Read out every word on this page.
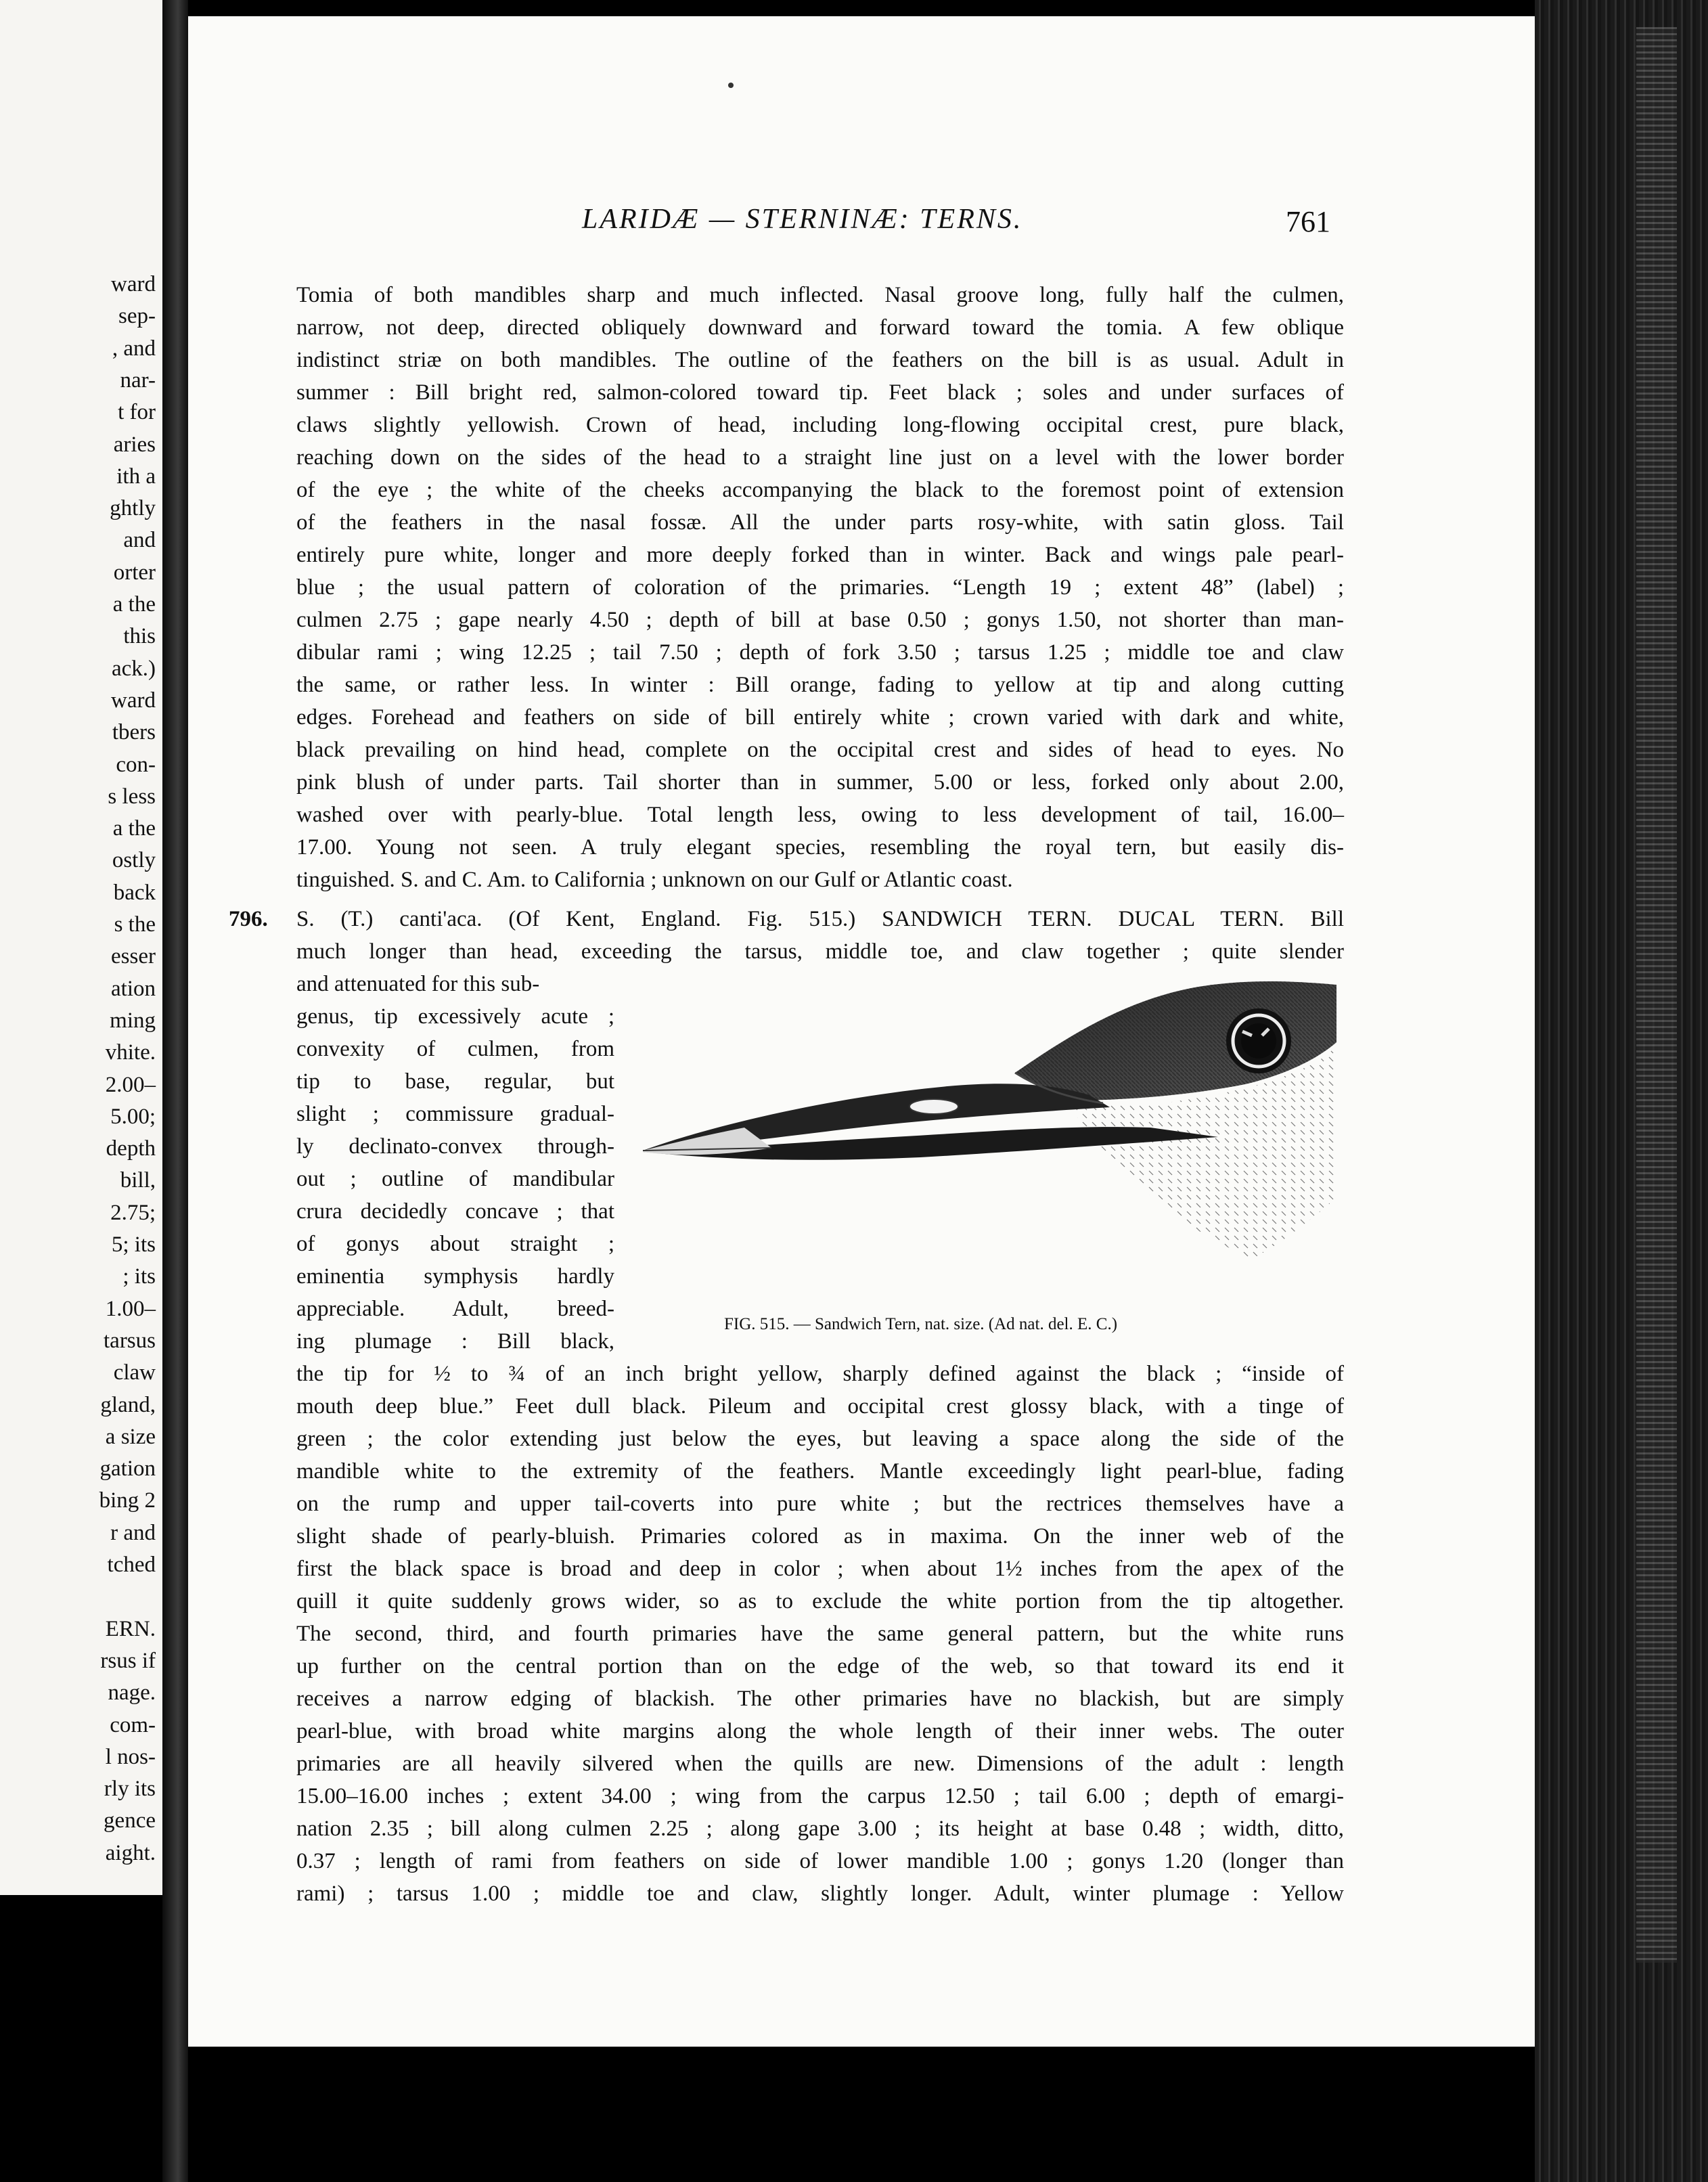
ward
sep-
, and
nar-
t for
aries
ith a
ghtly
and
orter
a the
this
ack.)
ward
tbers
con-
s less
a the
ostly
back
s the
esser
ation
ming
vhite.
2.00–
5.00;
depth
bill,
2.75;
5; its
; its
1.00–
tarsus
claw
gland,
a size
gation
bing 2
r and
tched
ERN.
rsus if
nage.
com-
l nos-
rly its
gence
aight.
LARIDÆ — STERNINÆ: TERNS.	761
Tomia of both mandibles sharp and much inflected. Nasal groove long, fully half the culmen,
narrow, not deep, directed obliquely downward and forward toward the tomia. A few oblique
indistinct striæ on both mandibles. The outline of the feathers on the bill is as usual. Adult in
summer : Bill bright red, salmon-colored toward tip. Feet black ; soles and under surfaces of
claws slightly yellowish. Crown of head, including long-flowing occipital crest, pure black,
reaching down on the sides of the head to a straight line just on a level with the lower border
of the eye ; the white of the cheeks accompanying the black to the foremost point of extension
of the feathers in the nasal fossæ. All the under parts rosy-white, with satin gloss. Tail
entirely pure white, longer and more deeply forked than in winter. Back and wings pale pearl-
blue ; the usual pattern of coloration of the primaries. “Length 19 ; extent 48” (label) ;
culmen 2.75 ; gape nearly 4.50 ; depth of bill at base 0.50 ; gonys 1.50, not shorter than man-
dibular rami ; wing 12.25 ; tail 7.50 ; depth of fork 3.50 ; tarsus 1.25 ; middle toe and claw
the same, or rather less. In winter : Bill orange, fading to yellow at tip and along cutting
edges. Forehead and feathers on side of bill entirely white ; crown varied with dark and white,
black prevailing on hind head, complete on the occipital crest and sides of head to eyes. No
pink blush of under parts. Tail shorter than in summer, 5.00 or less, forked only about 2.00,
washed over with pearly-blue. Total length less, owing to less development of tail, 16.00–
17.00. Young not seen. A truly elegant species, resembling the royal tern, but easily dis-
tinguished. S. and C. Am. to California ; unknown on our Gulf or Atlantic coast.
796. S. (T.) canti'aca. (Of Kent, England. Fig. 515.) SANDWICH TERN. DUCAL TERN. Bill
much longer than head, exceeding the tarsus, middle toe, and claw together ; quite slender
and attenuated for this sub-
genus, tip excessively acute ;
convexity of culmen, from
tip to base, regular, but
slight ; commissure gradual-
ly declinato-convex through-
out ; outline of mandibular
crura decidedly concave ; that
of gonys about straight ;
eminentia symphysis hardly
appreciable. Adult, breed-
ing plumage : Bill black,
FIG. 515. — Sandwich Tern, nat. size. (Ad nat. del. E. C.)
the tip for ½ to ¾ of an inch bright yellow, sharply defined against the black ; “inside of
mouth deep blue.” Feet dull black. Pileum and occipital crest glossy black, with a tinge of
green ; the color extending just below the eyes, but leaving a space along the side of the
mandible white to the extremity of the feathers. Mantle exceedingly light pearl-blue, fading
on the rump and upper tail-coverts into pure white ; but the rectrices themselves have a
slight shade of pearly-bluish. Primaries colored as in maxima. On the inner web of the
first the black space is broad and deep in color ; when about 1½ inches from the apex of the
quill it quite suddenly grows wider, so as to exclude the white portion from the tip altogether.
The second, third, and fourth primaries have the same general pattern, but the white runs
up further on the central portion than on the edge of the web, so that toward its end it
receives a narrow edging of blackish. The other primaries have no blackish, but are simply
pearl-blue, with broad white margins along the whole length of their inner webs. The outer
primaries are all heavily silvered when the quills are new. Dimensions of the adult : length
15.00–16.00 inches ; extent 34.00 ; wing from the carpus 12.50 ; tail 6.00 ; depth of emargi-
nation 2.35 ; bill along culmen 2.25 ; along gape 3.00 ; its height at base 0.48 ; width, ditto,
0.37 ; length of rami from feathers on side of lower mandible 1.00 ; gonys 1.20 (longer than
rami) ; tarsus 1.00 ; middle toe and claw, slightly longer. Adult, winter plumage : Yellow
